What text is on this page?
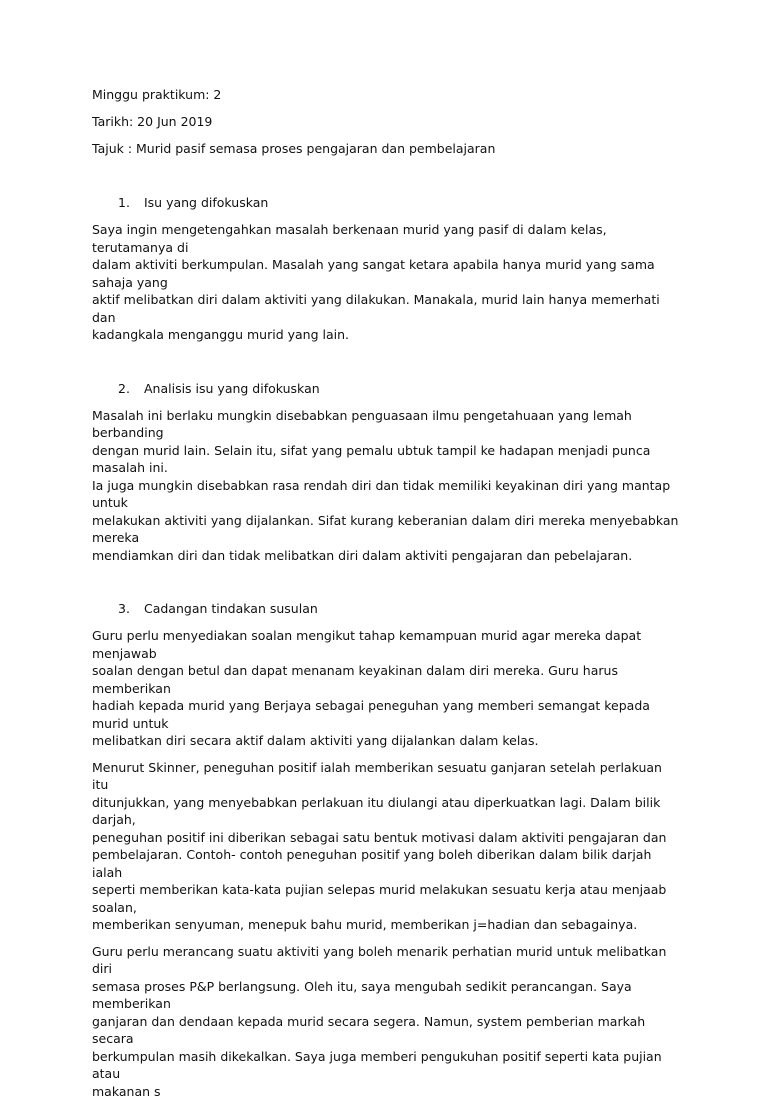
Minggu praktikum: 2
Tarikh: 20 Jun 2019
Tajuk : Murid pasif semasa proses pengajaran dan pembelajaran
1. Isu yang difokuskan

Saya ingin mengetengahkan masalah berkenaan murid yang pasif di dalam kelas, terutamanya di
dalam aktiviti berkumpulan. Masalah yang sangat ketara apabila hanya murid yang sama sahaja yang
aktif melibatkan diri dalam aktiviti yang dilakukan. Manakala, murid lain hanya memerhati dan
kadangkala menganggu murid yang lain.

2. Analisis isu yang difokuskan

Masalah ini berlaku mungkin disebabkan penguasaan ilmu pengetahuaan yang lemah berbanding
dengan murid lain. Selain itu, sifat yang pemalu ubtuk tampil ke hadapan menjadi punca masalah ini.
Ia juga mungkin disebabkan rasa rendah diri dan tidak memiliki keyakinan diri yang mantap untuk
melakukan aktiviti yang dijalankan. Sifat kurang keberanian dalam diri mereka menyebabkan mereka
mendiamkan diri dan tidak melibatkan diri dalam aktiviti pengajaran dan pebelajaran.

3. Cadangan tindakan susulan

Guru perlu menyediakan soalan mengikut tahap kemampuan murid agar mereka dapat menjawab
soalan dengan betul dan dapat menanam keyakinan dalam diri mereka. Guru harus memberikan
hadiah kepada murid yang Berjaya sebagai peneguhan yang memberi semangat kepada murid untuk
melibatkan diri secara aktif dalam aktiviti yang dijalankan dalam kelas.

Menurut Skinner, peneguhan positif ialah memberikan sesuatu ganjaran setelah perlakuan itu
ditunjukkan, yang menyebabkan perlakuan itu diulangi atau diperkuatkan lagi. Dalam bilik darjah,
peneguhan positif ini diberikan sebagai satu bentuk motivasi dalam aktiviti pengajaran dan
pembelajaran. Contoh- contoh peneguhan positif yang boleh diberikan dalam bilik darjah ialah
seperti memberikan kata-kata pujian selepas murid melakukan sesuatu kerja atau menjaab soalan,
memberikan senyuman, menepuk bahu murid, memberikan j=hadian dan sebagainya.

Guru perlu merancang suatu aktiviti yang boleh menarik perhatian murid untuk melibatkan diri
semasa proses P&P berlangsung. Oleh itu, saya mengubah sedikit perancangan. Saya memberikan
ganjaran dan dendaan kepada murid secara segera. Namun, system pemberian markah secara
berkumpulan masih dikekalkan. Saya juga memberi pengukuhan positif seperti kata pujian atau
makanan s
